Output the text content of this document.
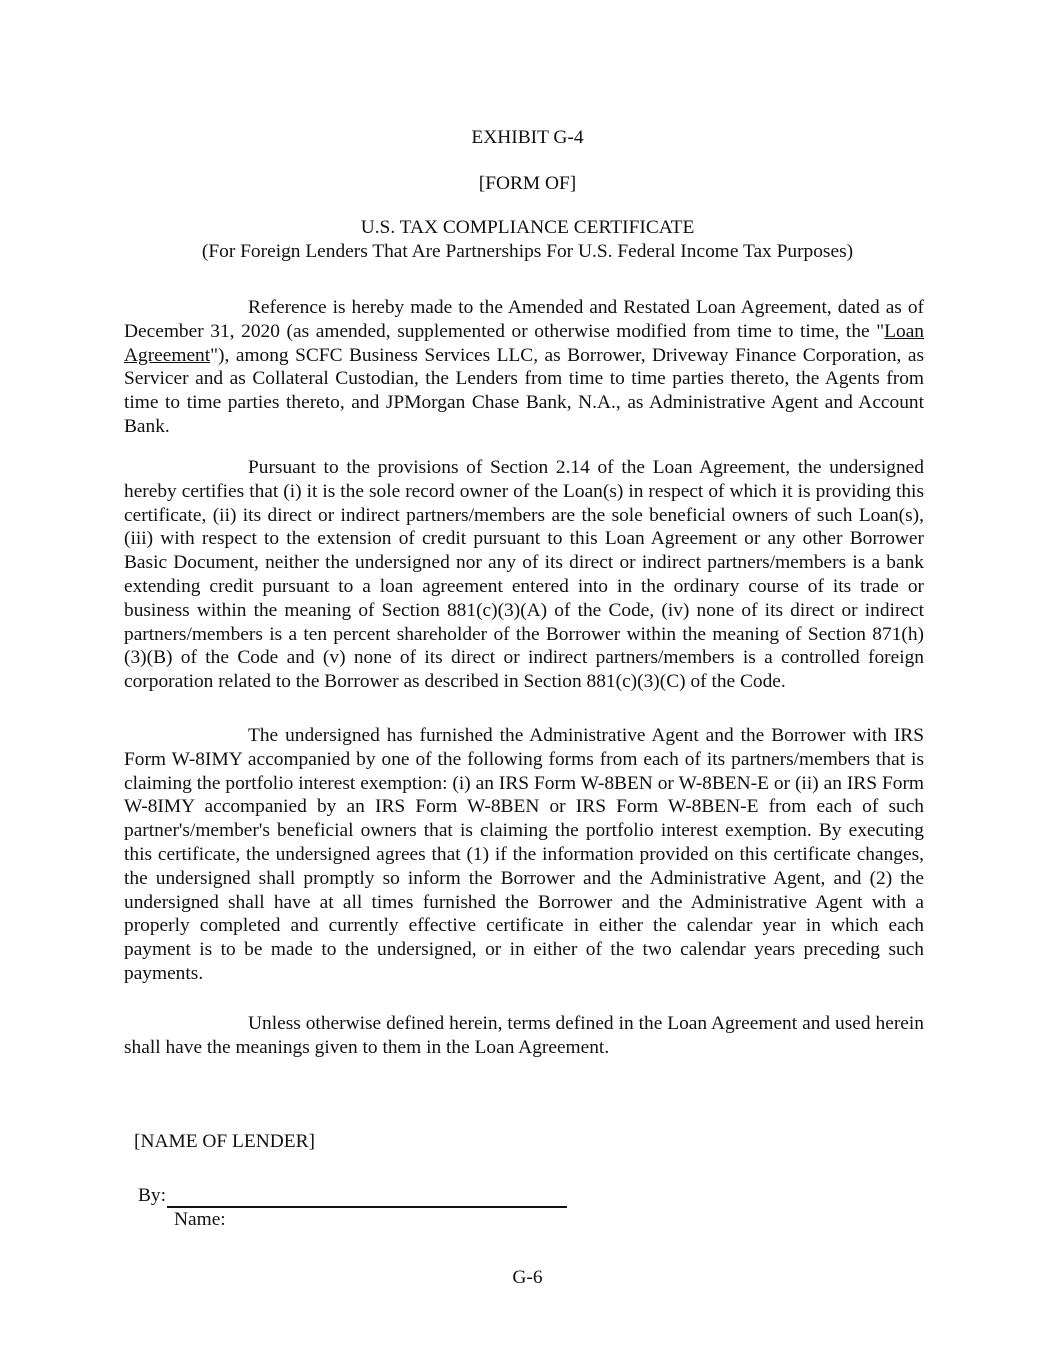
EXHIBIT G-4
[FORM OF]
U.S. TAX COMPLIANCE CERTIFICATE
(For Foreign Lenders That Are Partnerships For U.S. Federal Income Tax Purposes)
Reference is hereby made to the Amended and Restated Loan Agreement, dated as of December 31, 2020 (as amended, supplemented or otherwise modified from time to time, the "Loan Agreement"), among SCFC Business Services LLC, as Borrower, Driveway Finance Corporation, as Servicer and as Collateral Custodian, the Lenders from time to time parties thereto, the Agents from time to time parties thereto, and JPMorgan Chase Bank, N.A., as Administrative Agent and Account Bank.
Pursuant to the provisions of Section 2.14 of the Loan Agreement, the undersigned hereby certifies that (i) it is the sole record owner of the Loan(s) in respect of which it is providing this certificate, (ii) its direct or indirect partners/members are the sole beneficial owners of such Loan(s), (iii) with respect to the extension of credit pursuant to this Loan Agreement or any other Borrower Basic Document, neither the undersigned nor any of its direct or indirect partners/members is a bank extending credit pursuant to a loan agreement entered into in the ordinary course of its trade or business within the meaning of Section 881(c)(3)(A) of the Code, (iv) none of its direct or indirect partners/members is a ten percent shareholder of the Borrower within the meaning of Section 871(h)(3)(B) of the Code and (v) none of its direct or indirect partners/members is a controlled foreign corporation related to the Borrower as described in Section 881(c)(3)(C) of the Code.
The undersigned has furnished the Administrative Agent and the Borrower with IRS Form W-8IMY accompanied by one of the following forms from each of its partners/members that is claiming the portfolio interest exemption: (i) an IRS Form W-8BEN or W-8BEN-E or (ii) an IRS Form W-8IMY accompanied by an IRS Form W-8BEN or IRS Form W-8BEN-E from each of such partner's/member's beneficial owners that is claiming the portfolio interest exemption. By executing this certificate, the undersigned agrees that (1) if the information provided on this certificate changes, the undersigned shall promptly so inform the Borrower and the Administrative Agent, and (2) the undersigned shall have at all times furnished the Borrower and the Administrative Agent with a properly completed and currently effective certificate in either the calendar year in which each payment is to be made to the undersigned, or in either of the two calendar years preceding such payments.
Unless otherwise defined herein, terms defined in the Loan Agreement and used herein shall have the meanings given to them in the Loan Agreement.
[NAME OF LENDER]
By:
Name:
G-6
